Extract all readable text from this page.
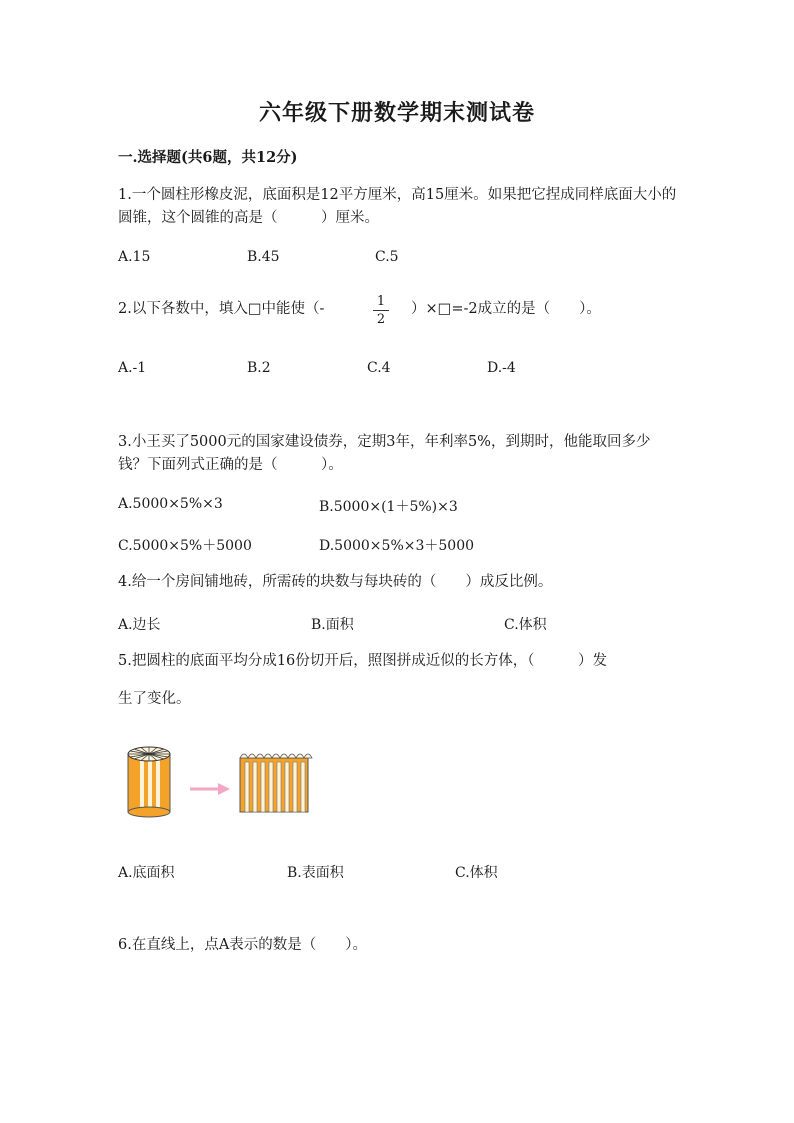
六年级下册数学期末测试卷
一.选择题(共6题，共12分)
1.一个圆柱形橡皮泥，底面积是12平方厘米，高15厘米。如果把它捏成同样底面大小的圆锥，这个圆锥的高是（　　　）厘米。
A.15	B.45	C.5
2.以下各数中，填入□中能使（-	1
2
）×□=-2成立的是（　　）。
A.-1	B.2	C.4	D.-4
3.小王买了5000元的国家建设债券，定期3年，年利率5%，到期时，他能取回多少钱？下面列式正确的是（　　　）。
A.5000×5%×3	B.5000×(1＋5%)×3
C.5000×5%＋5000	D.5000×5%×3＋5000
4.给一个房间铺地砖，所需砖的块数与每块砖的（　　）成反比例。
A.边长	B.面积	C.体积
5.把圆柱的底面平均分成16份切开后，照图拼成近似的长方体，（　　　）发
生了变化。
A.底面积	B.表面积	C.体积
6.在直线上，点A表示的数是（　　）。
